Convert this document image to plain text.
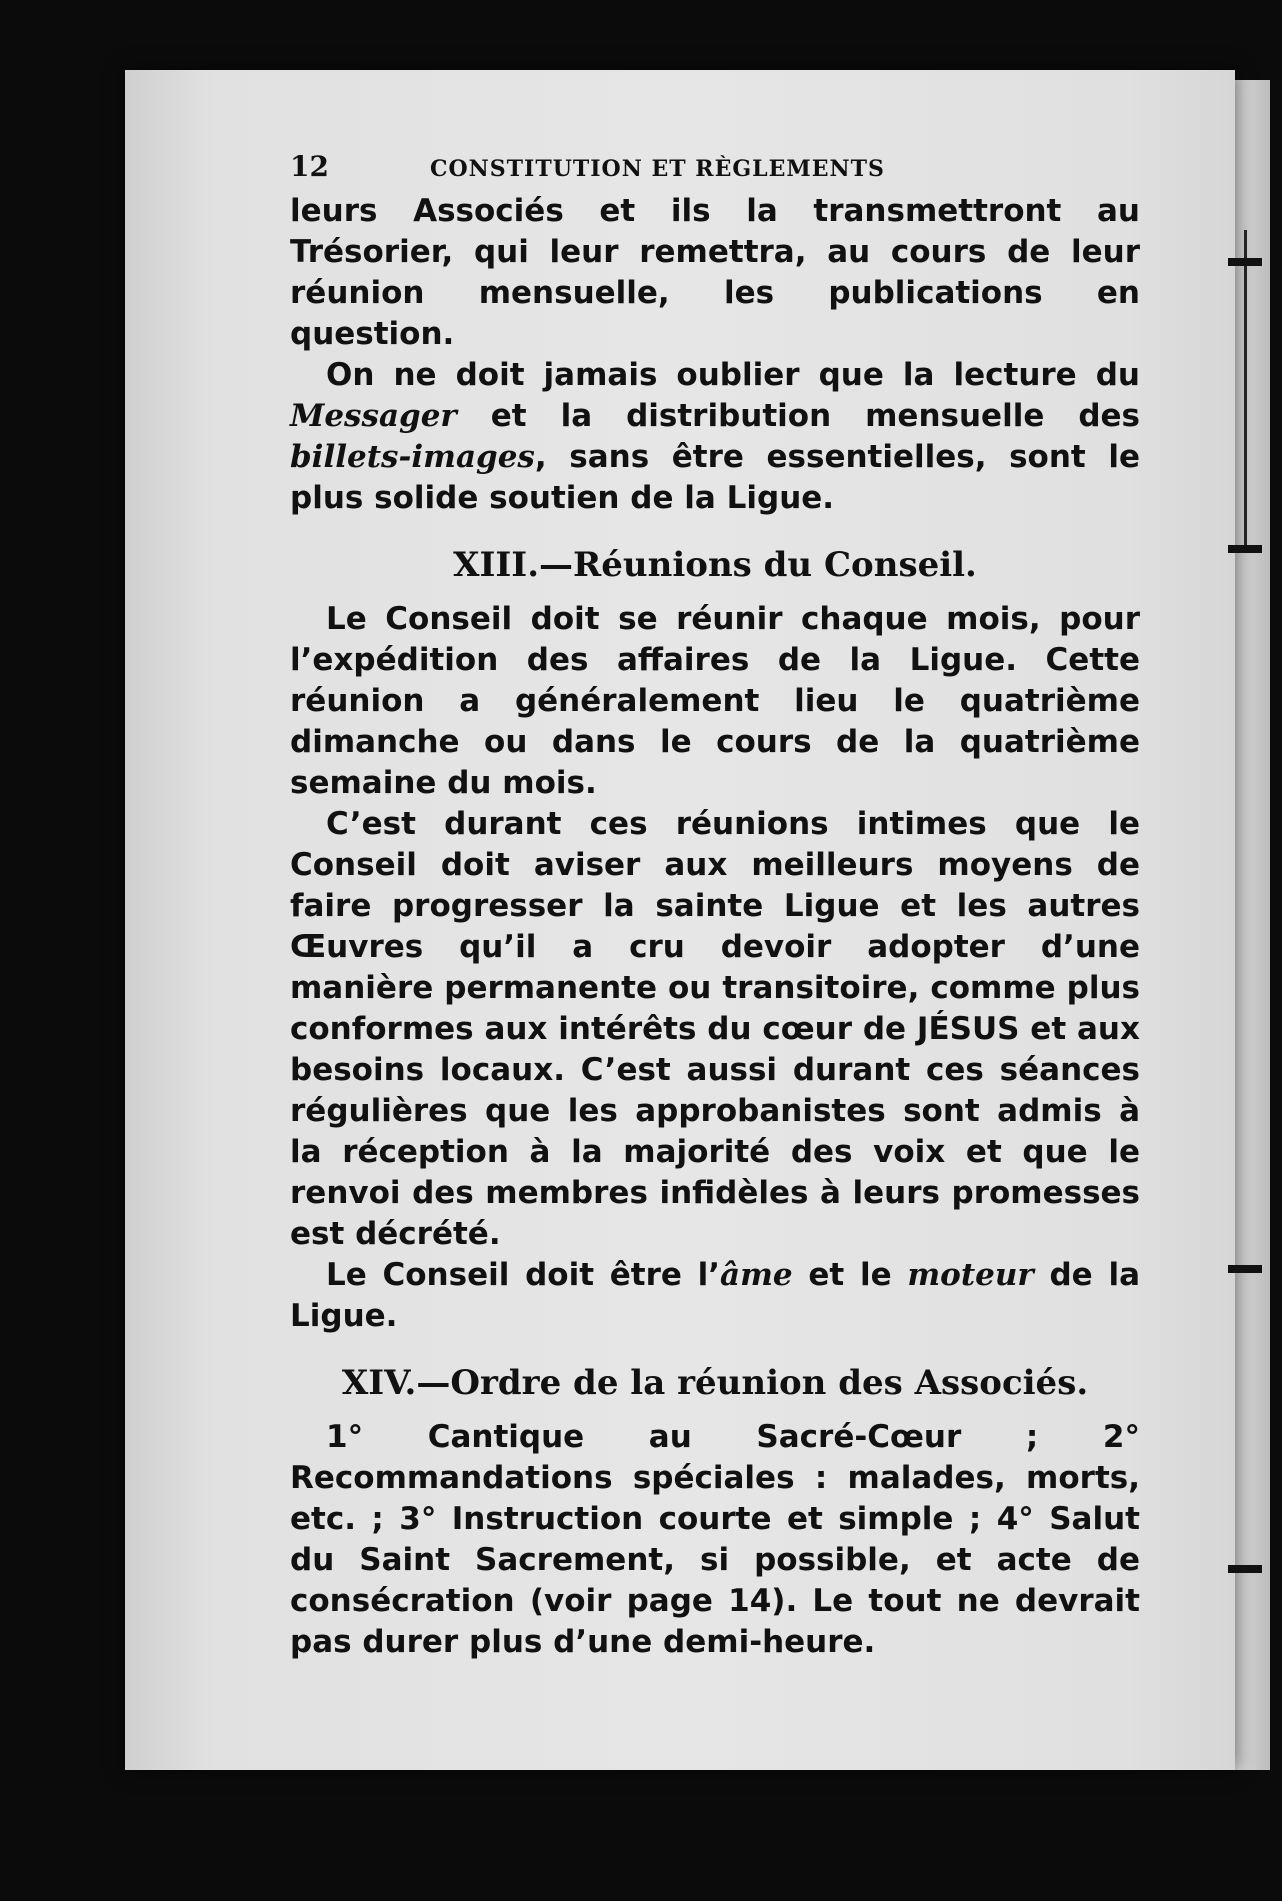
12	CONSTITUTION ET RÈGLEMENTS

leurs Associés et ils la transmettront au Trésorier, qui leur remettra, au cours de leur réunion mensuelle, les publications en question.

On ne doit jamais oublier que la lecture du Messager et la distribution mensuelle des billets-images, sans être essentielles, sont le plus solide soutien de la Ligue.

XIII.—Réunions du Conseil.

Le Conseil doit se réunir chaque mois, pour l’expédition des affaires de la Ligue. Cette réunion a généralement lieu le quatrième dimanche ou dans le cours de la quatrième semaine du mois.

C’est durant ces réunions intimes que le Conseil doit aviser aux meilleurs moyens de faire progresser la sainte Ligue et les autres Œuvres qu’il a cru devoir adopter d’une manière permanente ou transitoire, comme plus conformes aux intérêts du cœur de JÉSUS et aux besoins locaux. C’est aussi durant ces séances régulières que les approbanistes sont admis à la réception à la majorité des voix et que le renvoi des membres infidèles à leurs promesses est décrété.

Le Conseil doit être l’âme et le moteur de la Ligue.

XIV.—Ordre de la réunion des Associés.

1° Cantique au Sacré-Cœur ; 2° Recommandations spéciales : malades, morts, etc. ; 3° Instruction courte et simple ; 4° Salut du Saint Sacrement, si possible, et acte de consécration (voir page 14). Le tout ne devrait pas durer plus d’une demi-heure.
